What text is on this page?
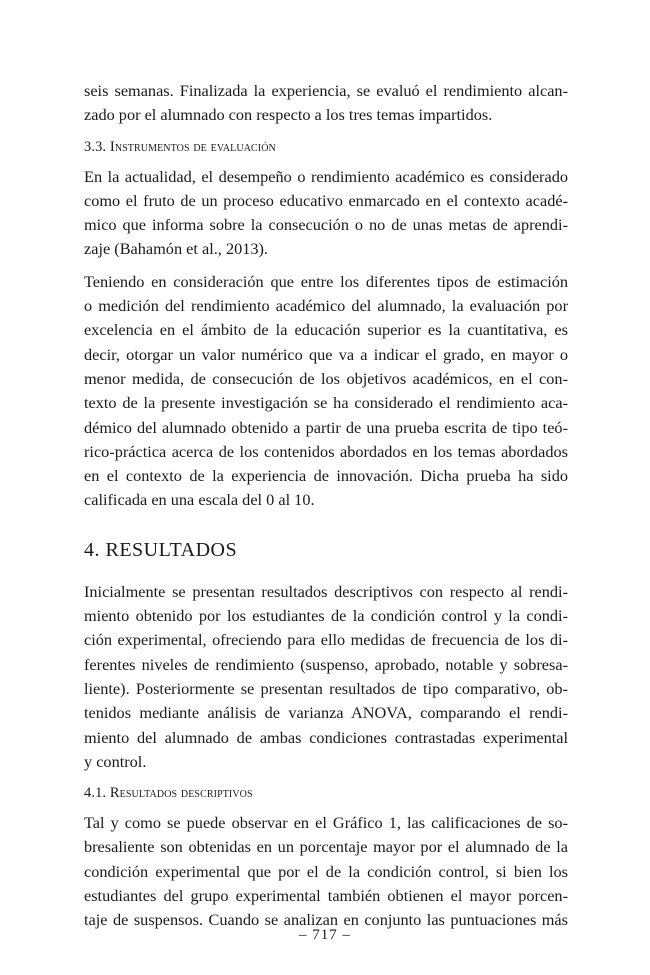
seis semanas. Finalizada la experiencia, se evaluó el rendimiento alcan-
zado por el alumnado con respecto a los tres temas impartidos.

3.3. Instrumentos de evaluación

En la actualidad, el desempeño o rendimiento académico es considerado
como el fruto de un proceso educativo enmarcado en el contexto acadé-
mico que informa sobre la consecución o no de unas metas de aprendi-
zaje (Bahamón et al., 2013).

Teniendo en consideración que entre los diferentes tipos de estimación
o medición del rendimiento académico del alumnado, la evaluación por
excelencia en el ámbito de la educación superior es la cuantitativa, es
decir, otorgar un valor numérico que va a indicar el grado, en mayor o
menor medida, de consecución de los objetivos académicos, en el con-
texto de la presente investigación se ha considerado el rendimiento aca-
démico del alumnado obtenido a partir de una prueba escrita de tipo teó-
rico-práctica acerca de los contenidos abordados en los temas abordados
en el contexto de la experiencia de innovación. Dicha prueba ha sido
calificada en una escala del 0 al 10.

4. RESULTADOS

Inicialmente se presentan resultados descriptivos con respecto al rendi-
miento obtenido por los estudiantes de la condición control y la condi-
ción experimental, ofreciendo para ello medidas de frecuencia de los di-
ferentes niveles de rendimiento (suspenso, aprobado, notable y sobresa-
liente). Posteriormente se presentan resultados de tipo comparativo, ob-
tenidos mediante análisis de varianza ANOVA, comparando el rendi-
miento del alumnado de ambas condiciones contrastadas experimental
y control.

4.1. Resultados descriptivos

Tal y como se puede observar en el Gráfico 1, las calificaciones de so-
bresaliente son obtenidas en un porcentaje mayor por el alumnado de la
condición experimental que por el de la condición control, si bien los
estudiantes del grupo experimental también obtienen el mayor porcen-
taje de suspensos. Cuando se analizan en conjunto las puntuaciones más

– 717 –
